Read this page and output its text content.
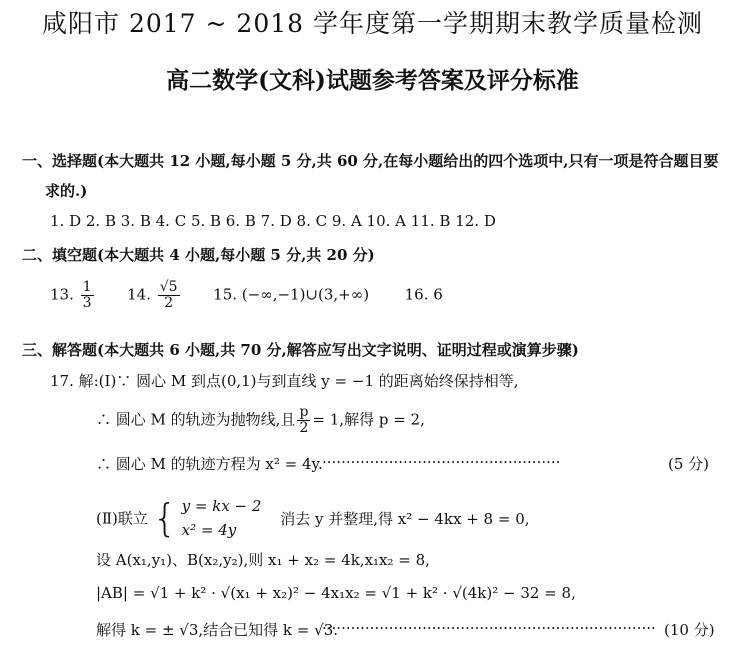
咸阳市 2017 ~ 2018 学年度第一学期期末教学质量检测
高二数学(文科)试题参考答案及评分标准
一、选择题(本大题共 12 小题,每小题 5 分,共 60 分,在每小题给出的四个选项中,只有一项是符合题目要
求的.)
1. D 2. B 3. B 4. C 5. B 6. B 7. D 8. C 9. A 10. A 11. B 12. D
二、填空题(本大题共 4 小题,每小题 5 分,共 20 分)
13. $\frac{1}{3} 14$. $\frac{√5}{2} 15$. (−∞,−1)∪(3,+∞) 16. 6
三、解答题(本大题共 6 小题,共 70 分,解答应写出文字说明、证明过程或演算步骤)
17. 解:(Ⅰ)∵ 圆心 M 到点(0,1)与到直线 y = −1 的距离始终保持相等,
∴ 圆心 M 的轨迹为抛物线,且 $\frac{p}{2} = 1$,解得 p = 2,
∴ 圆心 M 的轨迹方程为 x² = 4y. ··················································	(5 分)
(Ⅱ)联立 { y = kx − 2
x² = 4y
消去 y 并整理,得 x² − 4kx + 8 = 0,
设 A(x₁,y₁)、B(x₂,y₂),则 x₁ + x₂ = 4k,x₁x₂ = 8,
|AB| = √1 + k² · √(x₁ + x₂)² − 4x₁x₂ = √1 + k² · √(4k)² − 32 = 8,
解得 k = ± √3,结合已知得 k = √3.
······································································ (10 分)
